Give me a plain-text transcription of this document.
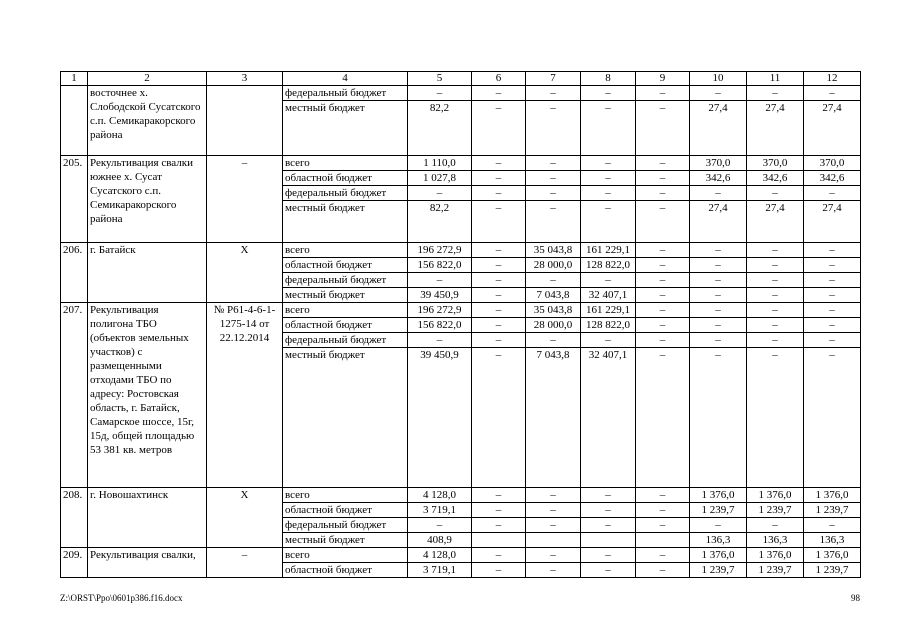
1	2	3	4	5	6	7	8	9	10	11	12
	восточнее х. Слободской Сусатского с.п. Семикаракорского района		федеральный бюджет	–	–	–	–	–	–	–	–
			местный бюджет	82,2	–	–	–	–	27,4	27,4	27,4
205.	Рекультивация свалки южнее х. Сусат Сусатского с.п. Семикаракорского района	–	всего	1 110,0	–	–	–	–	370,0	370,0	370,0
			областной бюджет	1 027,8	–	–	–	–	342,6	342,6	342,6
			федеральный бюджет	–	–	–	–	–	–	–	–
			местный бюджет	82,2	–	–	–	–	27,4	27,4	27,4
206.	г. Батайск	Х	всего	196 272,9	–	35 043,8	161 229,1	–	–	–	–
			областной бюджет	156 822,0	–	28 000,0	128 822,0	–	–	–	–
			федеральный бюджет	–	–	–	–	–	–	–	–
			местный бюджет	39 450,9	–	7 043,8	32 407,1	–	–	–	–
207.	Рекультивация полигона ТБО (объектов земельных участков) с размещенными отходами ТБО по адресу: Ростовская область, г. Батайск, Самарское шоссе, 15г, 15д, общей площадью 53 381 кв. метров	№ Р61-4-6-1-1275-14 от 22.12.2014	всего	196 272,9	–	35 043,8	161 229,1	–	–	–	–
			областной бюджет	156 822,0	–	28 000,0	128 822,0	–	–	–	–
			федеральный бюджет	–	–	–	–	–	–	–	–
			местный бюджет	39 450,9	–	7 043,8	32 407,1	–	–	–	–
208.	г. Новошахтинск	Х	всего	4 128,0	–	–	–	–	1 376,0	1 376,0	1 376,0
			областной бюджет	3 719,1	–	–	–	–	1 239,7	1 239,7	1 239,7
			федеральный бюджет	–	–	–	–	–	–	–	–
			местный бюджет	408,9					136,3	136,3	136,3
209.	Рекультивация свалки,	–	всего	4 128,0	–	–	–	–	1 376,0	1 376,0	1 376,0
			областной бюджет	3 719,1	–	–	–	–	1 239,7	1 239,7	1 239,7
Z:\ORST\Ppo\0601p386.f16.docx	98
